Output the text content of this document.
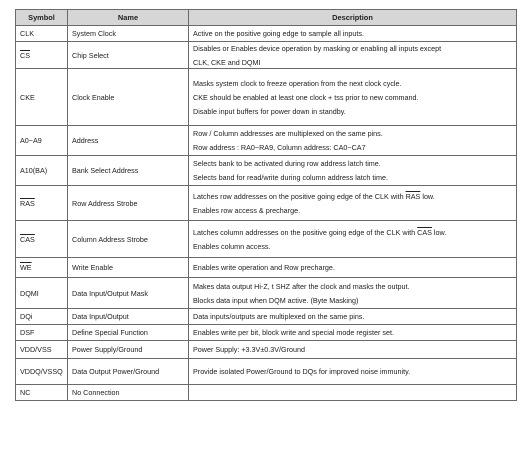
Symbol	Name	Description
CLK	System Clock	Active on the positive going edge to sample all inputs.

$\overline{CS}$	Chip Select	Disables or Enables device operation by masking or enabling all inputs except
CLK, CKE and DQMI

CKE	Clock Enable	Masks system clock to freeze operation from the next clock cycle.
CKE should be enabled at least one clock + tss prior to new command.
Disable input buffers for power down in standby.

A0~A9	Address	Row / Column addresses are multiplexed on the same pins.
Row address : RA0~RA9, Column address: CA0~CA7

A10(BA)	Bank Select Address	Selects bank to be activated during row address latch time.
Selects band for read/write during column address latch time.

$\overline{RAS}$	Row Address Strobe	Latches row addresses on the positive going edge of the CLK with $\overline{RAS}$ low.
Enables row access & precharge.

$\overline{CAS}$	Column Address Strobe	Latches column addresses on the positive going edge of the CLK with $\overline{CAS}$ low.
Enables column access.

$\overline{WE}$	Write Enable	Enables write operation and Row precharge.

DQMI	Data Input/Output Mask	Makes data output Hi-Z, t SHZ after the clock and masks the output.
Blocks data input when DQM active. (Byte Masking)

DQi	Data Input/Output	Data inputs/outputs are multiplexed on the same pins.

DSF	Define Special Function	Enables write per bit, block write and special mode register set.

VDD/VSS	Power Supply/Ground	Power Supply: +3.3V±0.3V/Ground

VDDQ/VSSQ	Data Output Power/Ground	Provide isolated Power/Ground to DQs for improved noise immunity.

NC	No Connection	
